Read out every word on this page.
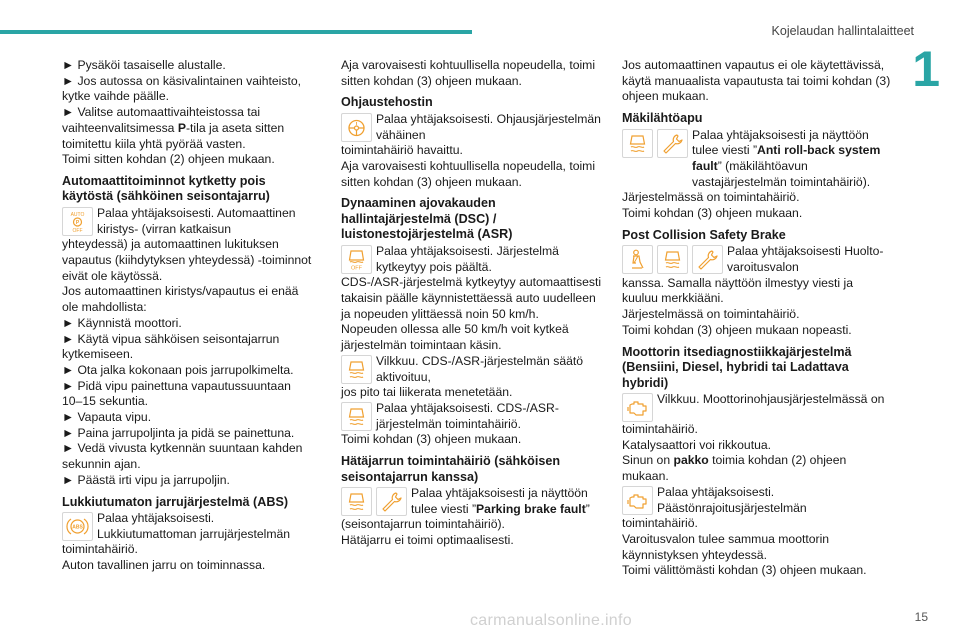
Kojelaudan hallintalaitteet
1
► Pysäköi tasaiselle alustalle.
► Jos autossa on käsivalintainen vaihteisto, kytke vaihde päälle.
► Valitse automaattivaihteistossa tai vaihteenvalitsimessa P-tila ja aseta sitten toimitettu kiila yhtä pyörää vasten.
Toimi sitten kohdan (2) ohjeen mukaan.
Automaattitoiminnot kytketty pois käytöstä (sähköinen seisontajarru)
AUTO
P
OFF
Palaa yhtäjaksoisesti. Automaattinen kiristys- (virran katkaisun
yhteydessä) ja automaattinen lukituksen vapautus (kiihdytyksen yhteydessä) -toiminnot eivät ole käytössä.
Jos automaattinen kiristys/vapautus ei enää ole mahdollista:
► Käynnistä moottori.
► Käytä vipua sähköisen seisontajarrun kytkemiseen.
► Ota jalka kokonaan pois jarrupolkimelta.
► Pidä vipu painettuna vapautussuuntaan 10–15 sekuntia.
► Vapauta vipu.
► Paina jarrupoljinta ja pidä se painettuna.
► Vedä vivusta kytkennän suuntaan kahden sekunnin ajan.
► Päästä irti vipu ja jarrupoljin.
Lukkiutumaton jarrujärjestelmä (ABS)
ABS
Palaa yhtäjaksoisesti. Lukkiutumattoman jarrujärjestelmän
toimintahäiriö.
Auton tavallinen jarru on toiminnassa.
Aja varovaisesti kohtuullisella nopeudella, toimi sitten kohdan (3) ohjeen mukaan.
Ohjaustehostin
! Palaa yhtäjaksoisesti. Ohjausjärjestelmän vähäinen
toimintahäiriö havaittu.
Aja varovaisesti kohtuullisella nopeudella, toimi sitten kohdan (3) ohjeen mukaan.
Dynaaminen ajovakauden hallintajärjestelmä (DSC) / luistonestojärjestelmä (ASR)
OFF
Palaa yhtäjaksoisesti. Järjestelmä kytkeytyy pois päältä.
CDS-/ASR-järjestelmä kytkeytyy automaattisesti takaisin päälle käynnistettäessä auto uudelleen ja nopeuden ylittäessä noin 50 km/h.
Nopeuden ollessa alle 50 km/h voit kytkeä järjestelmän toimintaan käsin.
Vilkkuu. CDS-/ASR-järjestelmän säätö aktivoituu,
jos pito tai liikerata menetetään.
Palaa yhtäjaksoisesti. CDS-/ASR-järjestelmän toimintahäiriö.
Toimi kohdan (3) ohjeen mukaan.
Hätäjarrun toimintahäiriö (sähköisen seisontajarrun kanssa)
Palaa yhtäjaksoisesti ja näyttöön tulee viesti ”Parking brake fault”
(seisontajarrun toimintahäiriö).
Hätäjarru ei toimi optimaalisesti.
Jos automaattinen vapautus ei ole käytettävissä, käytä manuaalista vapautusta tai toimi kohdan (3) ohjeen mukaan.
Mäkilähtöapu
Palaa yhtäjaksoisesti ja näyttöön tulee viesti ”Anti roll-back system fault” (mäkilähtöavun vastajärjestelmän toimintahäiriö).
Järjestelmässä on toimintahäiriö.
Toimi kohdan (3) ohjeen mukaan.
Post Collision Safety Brake
Palaa yhtäjaksoisesti Huolto-varoitusvalon
kanssa. Samalla näyttöön ilmestyy viesti ja kuuluu merkkiääni.
Järjestelmässä on toimintahäiriö.
Toimi kohdan (3) ohjeen mukaan nopeasti.
Moottorin itsediagnostiikkajärjestelmä (Bensiini, Diesel, hybridi tai Ladattava hybridi)
Vilkkuu. Moottorinohjausjärjestelmässä on
toimintahäiriö.
Katalysaattori voi rikkoutua.
Sinun on pakko toimia kohdan (2) ohjeen mukaan.
Palaa yhtäjaksoisesti. Päästönrajoitusjärjestelmän
toimintahäiriö.
Varoitusvalon tulee sammua moottorin käynnistyksen yhteydessä.
Toimi välittömästi kohdan (3) ohjeen mukaan.
carmanualsonline.info	15
